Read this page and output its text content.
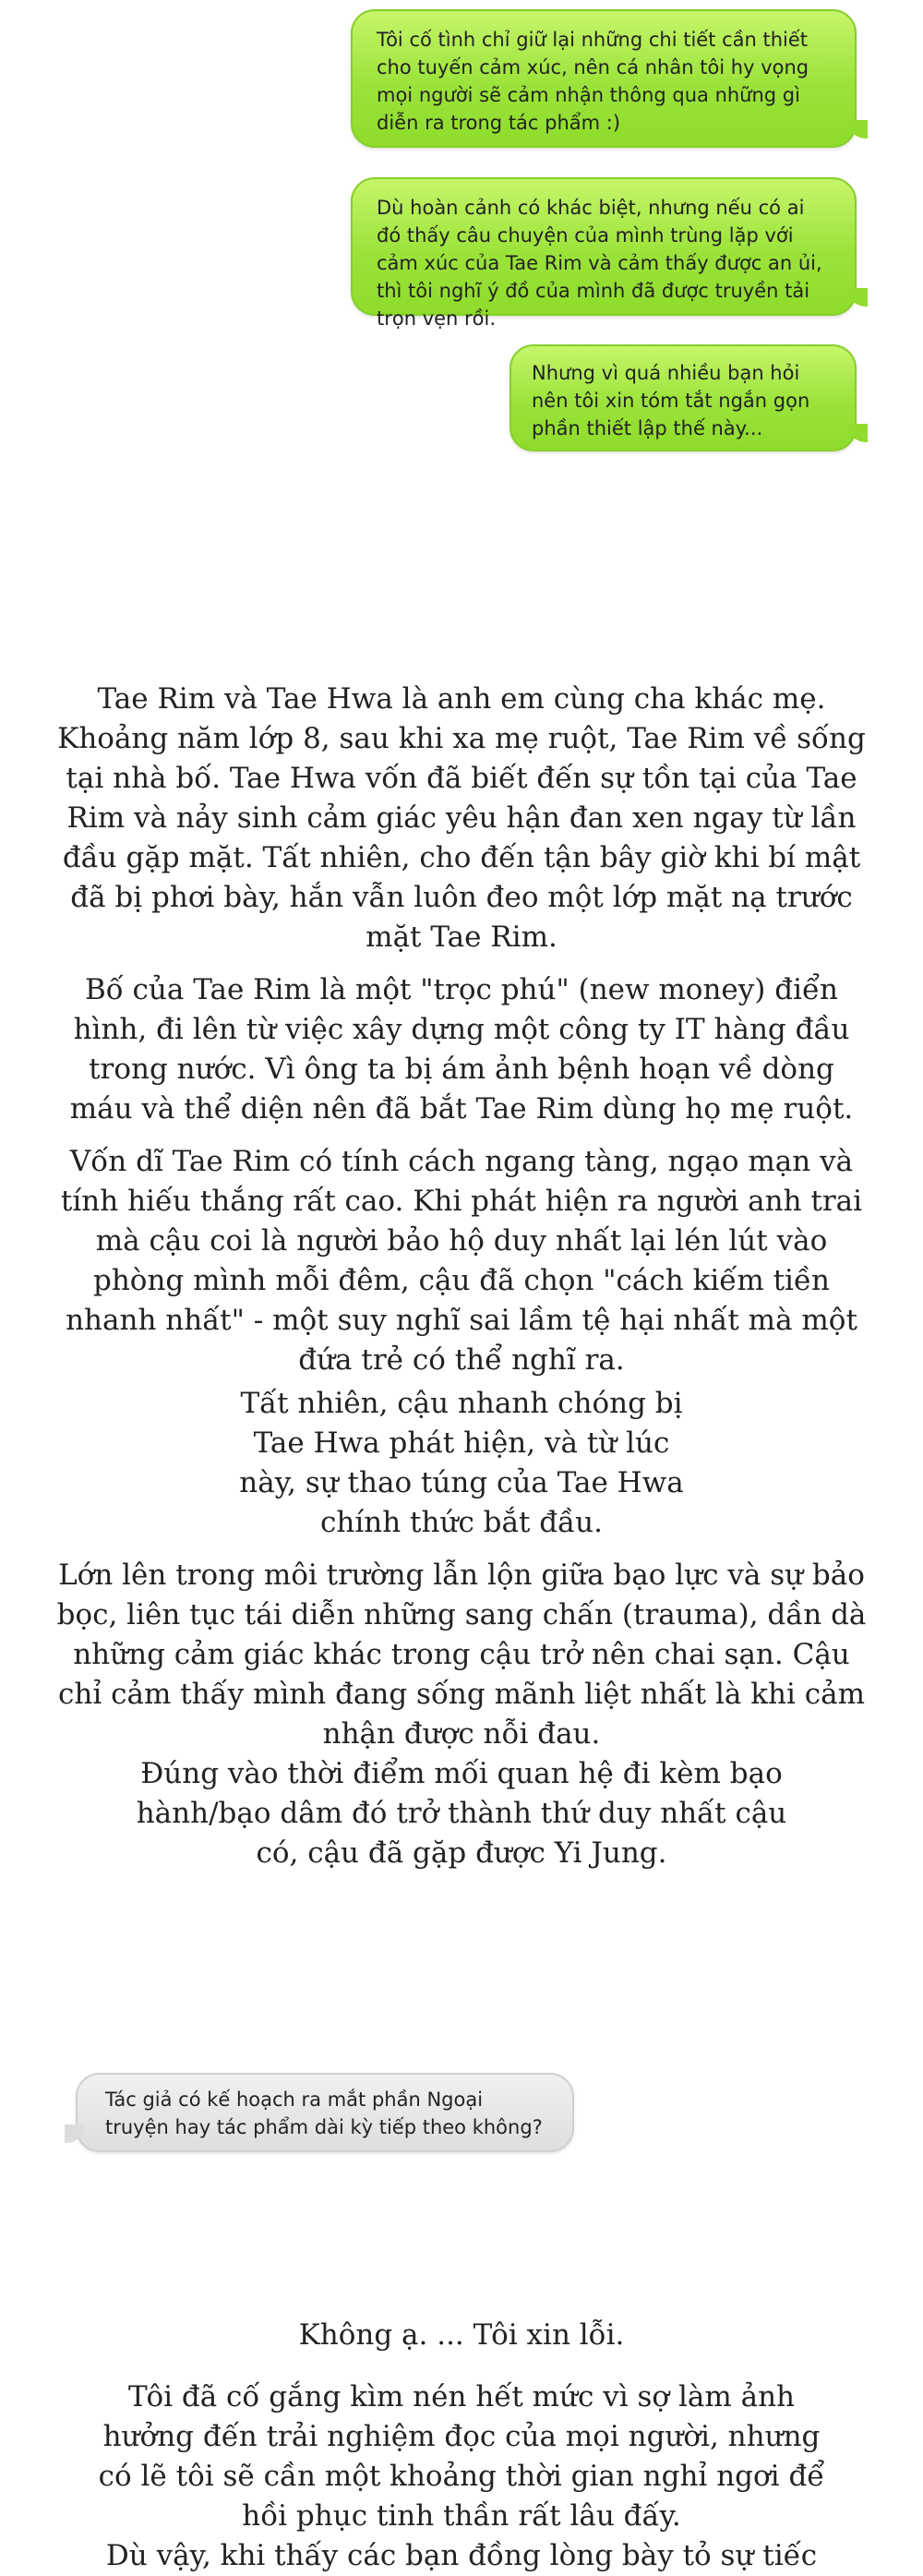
Tôi cố tình chỉ giữ lại những chi tiết cần thiết cho tuyến cảm xúc, nên cá nhân tôi hy vọng mọi người sẽ cảm nhận thông qua những gì diễn ra trong tác phẩm :)
Dù hoàn cảnh có khác biệt, nhưng nếu có ai đó thấy câu chuyện của mình trùng lặp với cảm xúc của Tae Rim và cảm thấy được an ủi, thì tôi nghĩ ý đồ của mình đã được truyền tải trọn vẹn rồi.
Nhưng vì quá nhiều bạn hỏi nên tôi xin tóm tắt ngắn gọn phần thiết lập thế này...

Tae Rim và Tae Hwa là anh em cùng cha khác mẹ. Khoảng năm lớp 8, sau khi xa mẹ ruột, Tae Rim về sống tại nhà bố. Tae Hwa vốn đã biết đến sự tồn tại của Tae Rim và nảy sinh cảm giác yêu hận đan xen ngay từ lần đầu gặp mặt. Tất nhiên, cho đến tận bây giờ khi bí mật đã bị phơi bày, hắn vẫn luôn đeo một lớp mặt nạ trước mặt Tae Rim.

Bố của Tae Rim là một "trọc phú" (new money) điển hình, đi lên từ việc xây dựng một công ty IT hàng đầu trong nước. Vì ông ta bị ám ảnh bệnh hoạn về dòng máu và thể diện nên đã bắt Tae Rim dùng họ mẹ ruột.

Vốn dĩ Tae Rim có tính cách ngang tàng, ngạo mạn và tính hiếu thắng rất cao. Khi phát hiện ra người anh trai mà cậu coi là người bảo hộ duy nhất lại lén lút vào phòng mình mỗi đêm, cậu đã chọn "cách kiếm tiền nhanh nhất" - một suy nghĩ sai lầm tệ hại nhất mà một đứa trẻ có thể nghĩ ra.

Tất nhiên, cậu nhanh chóng bị Tae Hwa phát hiện, và từ lúc này, sự thao túng của Tae Hwa chính thức bắt đầu.

Lớn lên trong môi trường lẫn lộn giữa bạo lực và sự bảo bọc, liên tục tái diễn những sang chấn (trauma), dần dà những cảm giác khác trong cậu trở nên chai sạn. Cậu chỉ cảm thấy mình đang sống mãnh liệt nhất là khi cảm nhận được nỗi đau.

Đúng vào thời điểm mối quan hệ đi kèm bạo hành/bạo dâm đó trở thành thứ duy nhất cậu có, cậu đã gặp được Yi Jung.

Tác giả có kế hoạch ra mắt phần Ngoại truyện hay tác phẩm dài kỳ tiếp theo không?

Không ạ. ... Tôi xin lỗi.

Tôi đã cố gắng kìm nén hết mức vì sợ làm ảnh hưởng đến trải nghiệm đọc của mọi người, nhưng có lẽ tôi sẽ cần một khoảng thời gian nghỉ ngơi để hồi phục tinh thần rất lâu đấy.

Dù vậy, khi thấy các bạn đồng lòng bày tỏ sự tiếc
